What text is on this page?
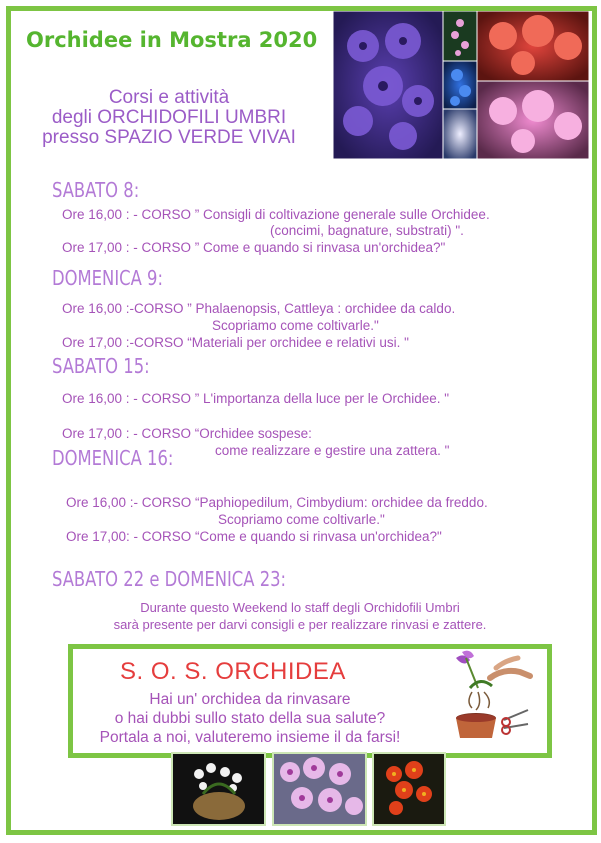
Orchidee in Mostra 2020
Corsi e attività
degli ORCHIDOFILI UMBRI
presso SPAZIO VERDE VIVAI
SABATO 8:
Ore 16,00 : - CORSO ” Consigli di coltivazione generale sulle Orchidee.
(concimi, bagnature, substrati) ".
Ore 17,00 : - CORSO ” Come e quando si rinvasa un'orchidea?"
DOMENICA 9:
Ore 16,00 :-CORSO ” Phalaenopsis, Cattleya : orchidee da caldo.
Scopriamo come coltivarle."
Ore 17,00 :-CORSO “Materiali per orchidee e relativi usi. "
SABATO 15:
Ore 16,00 : - CORSO ” L'importanza della luce per le Orchidee. "
Ore 17,00 : - CORSO “Orchidee sospese:
come realizzare e gestire una zattera. "
DOMENICA 16:
Ore 16,00 :- CORSO “Paphiopedilum, Cimbydium: orchidee da freddo.
Scopriamo come coltivarle."
Ore 17,00: - CORSO “Come e quando si rinvasa un'orchidea?"
SABATO 22 e DOMENICA 23:
Durante questo Weekend lo staff degli Orchidofili Umbri
sarà presente per darvi consigli e per realizzare rinvasi e zattere.
S. O. S. ORCHIDEA
Hai un' orchidea da rinvasare
o hai dubbi sullo stato della sua salute?
Portala a noi, valuteremo insieme il da farsi!
